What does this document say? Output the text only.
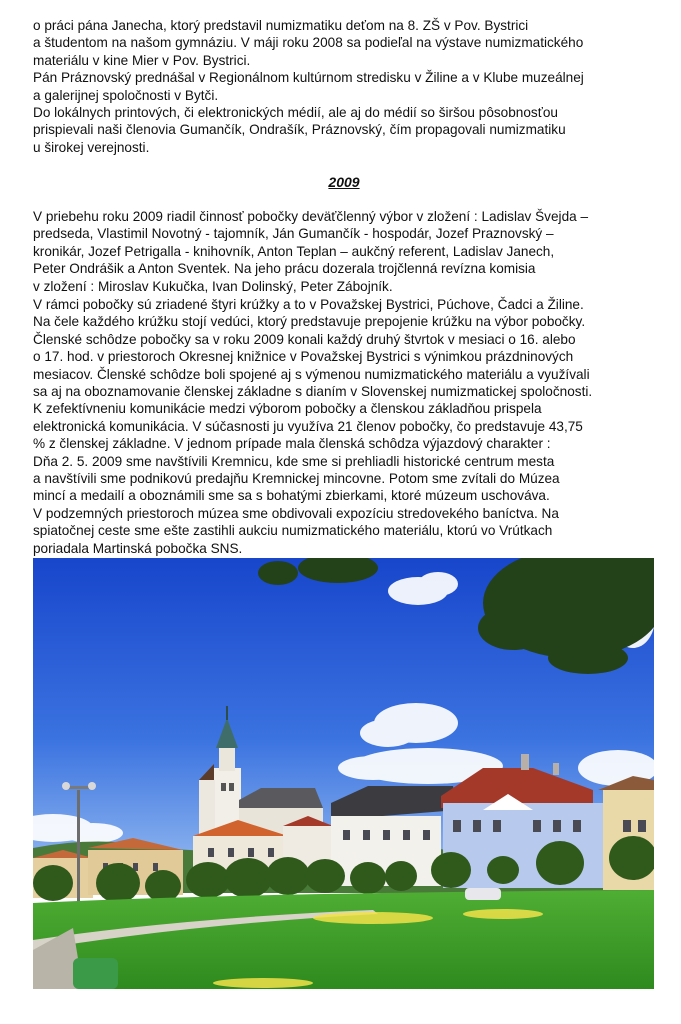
o práci pána Janecha, ktorý predstavil numizmatiku deťom na 8. ZŠ v Pov. Bystrici

a študentom na našom gymnáziu. V máji roku 2008 sa podieľal na výstave numizmatického

materiálu v kine Mier v Pov. Bystrici.

Pán Práznovský prednášal v Regionálnom kultúrnom stredisku v Žiline a v Klube muzeálnej

a galerijnej spoločnosti v Bytči.

Do lokálnych printových, či elektronických médií, ale aj do médií so širšou pôsobnosťou

prispievali naši členovia Gumančík, Ondrašík, Práznovský, čím propagovali numizmatiku

u širokej verejnosti.

2009

V priebehu roku 2009 riadil činnosť pobočky deväťčlenný výbor v zložení : Ladislav Švejda –

predseda, Vlastimil Novotný - tajomník, Ján Gumančík - hospodár, Jozef Praznovský –

kronikár, Jozef Petrigalla - knihovník, Anton Teplan – aukčný referent, Ladislav Janech,

Peter Ondrášik a Anton Sventek. Na jeho prácu dozerala trojčlenná revízna komisia

v zložení : Miroslav Kukučka, Ivan Dolinský, Peter Zábojník.

V rámci pobočky sú zriadené štyri krúžky a to v Považskej Bystrici, Púchove, Čadci a Žiline.

Na čele každého krúžku stojí vedúci, ktorý predstavuje prepojenie krúžku na výbor pobočky.

Členské schôdze pobočky sa v roku 2009 konali každý druhý štvrtok v mesiaci o 16. alebo

o 17. hod. v priestoroch Okresnej knižnice v Považskej Bystrici s výnimkou prázdninových

mesiacov. Členské schôdze boli spojené aj s výmenou numizmatického materiálu a využívali

sa aj na oboznamovanie členskej základne s dianím v Slovenskej numizmatickej spoločnosti.

K zefektívneniu komunikácie medzi výborom pobočky a členskou základňou prispela

elektronická komunikácia. V súčasnosti ju využíva 21 členov pobočky, čo predstavuje 43,75

% z členskej základne. V jednom prípade mala členská schôdza výjazdový charakter :

Dňa 2. 5. 2009 sme navštívili Kremnicu, kde sme si prehliadli historické centrum mesta

a navštívili sme podnikovú predajňu Kremnickej mincovne. Potom sme zvítali do Múzea

mincí a medailí a oboznámili sme sa s bohatými zbierkami, ktoré múzeum uschováva.

V podzemných priestoroch múzea sme obdivovali expozíciu stredovekého baníctva. Na

spiatočnej ceste sme ešte zastihli aukciu numizmatického materiálu, ktorú vo Vrútkach

poriadala Martinská pobočka SNS.
